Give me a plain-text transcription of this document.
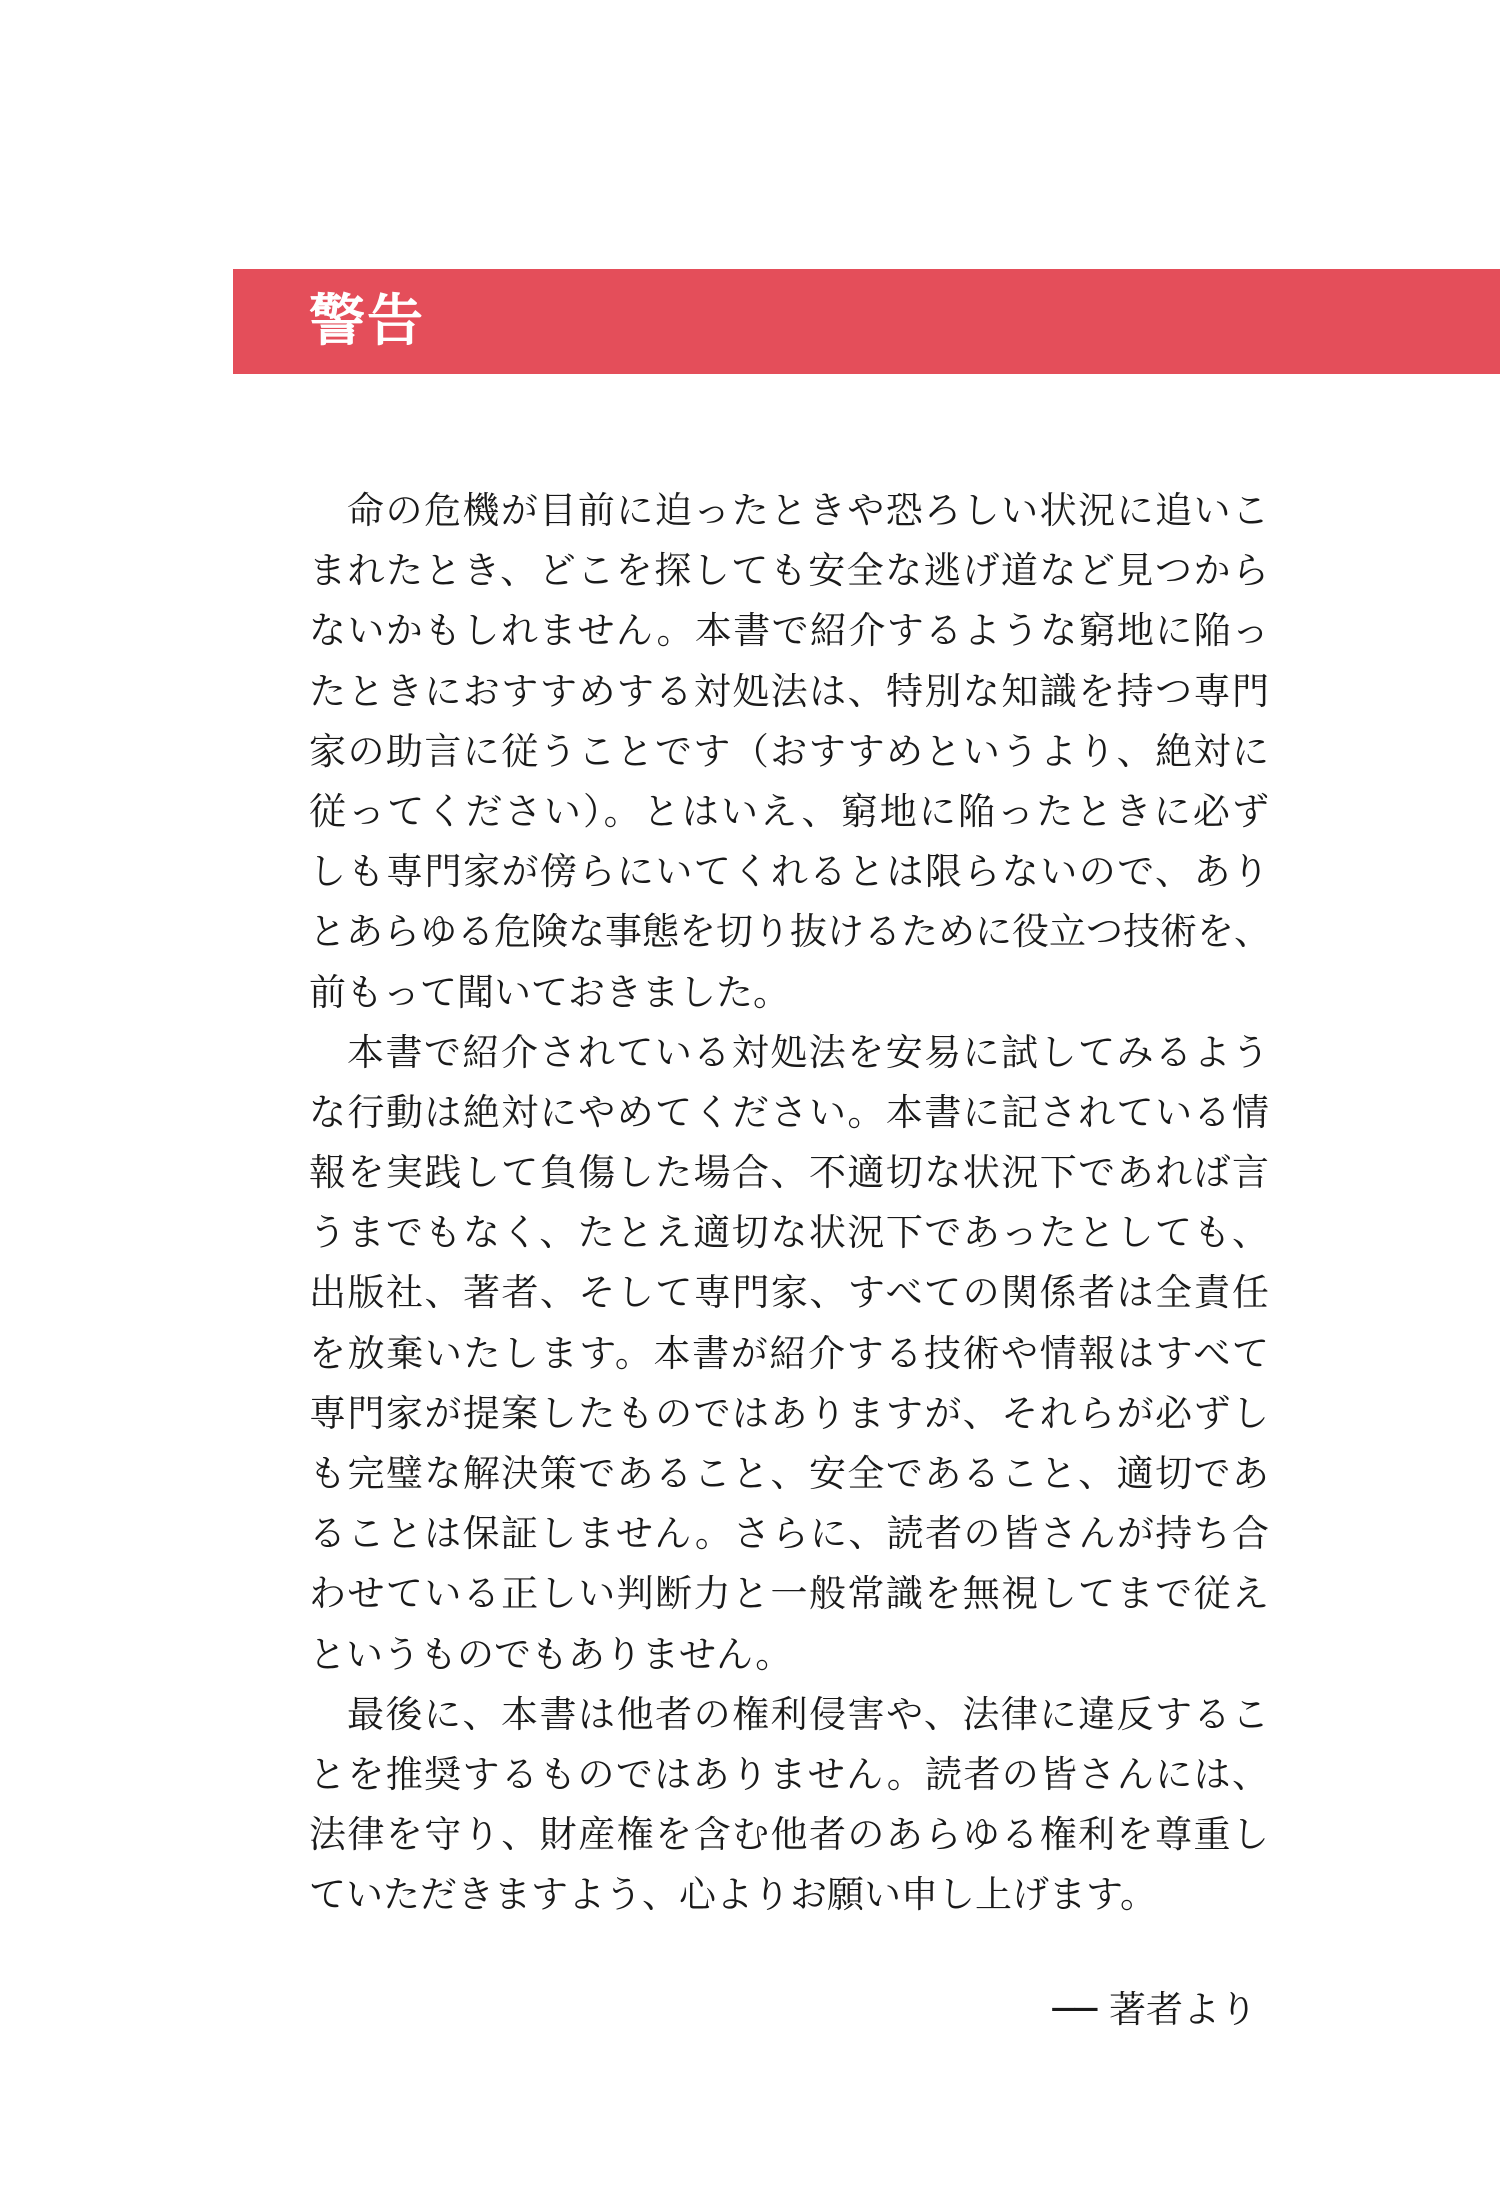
警告
命の危機が目前に迫ったときや恐ろしい状況に追いこ
まれたとき、どこを探しても安全な逃げ道など見つから
ないかもしれません。本書で紹介するような窮地に陥っ
たときにおすすめする対処法は、特別な知識を持つ専門
家の助言に従うことです（おすすめというより、絶対に
従ってください）。とはいえ、窮地に陥ったときに必ず
しも専門家が傍らにいてくれるとは限らないので、あり
とあらゆる危険な事態を切り抜けるために役立つ技術を、
前もって聞いておきました。
本書で紹介されている対処法を安易に試してみるよう
な行動は絶対にやめてください。本書に記されている情
報を実践して負傷した場合、不適切な状況下であれば言
うまでもなく、たとえ適切な状況下であったとしても、
出版社、著者、そして専門家、すべての関係者は全責任
を放棄いたします。本書が紹介する技術や情報はすべて
専門家が提案したものではありますが、それらが必ずし
も完璧な解決策であること、安全であること、適切であ
ることは保証しません。さらに、読者の皆さんが持ち合
わせている正しい判断力と一般常識を無視してまで従え
というものでもありません。
最後に、本書は他者の権利侵害や、法律に違反するこ
とを推奨するものではありません。読者の皆さんには、
法律を守り、財産権を含む他者のあらゆる権利を尊重し
ていただきますよう、心よりお願い申し上げます。
── 著者より
